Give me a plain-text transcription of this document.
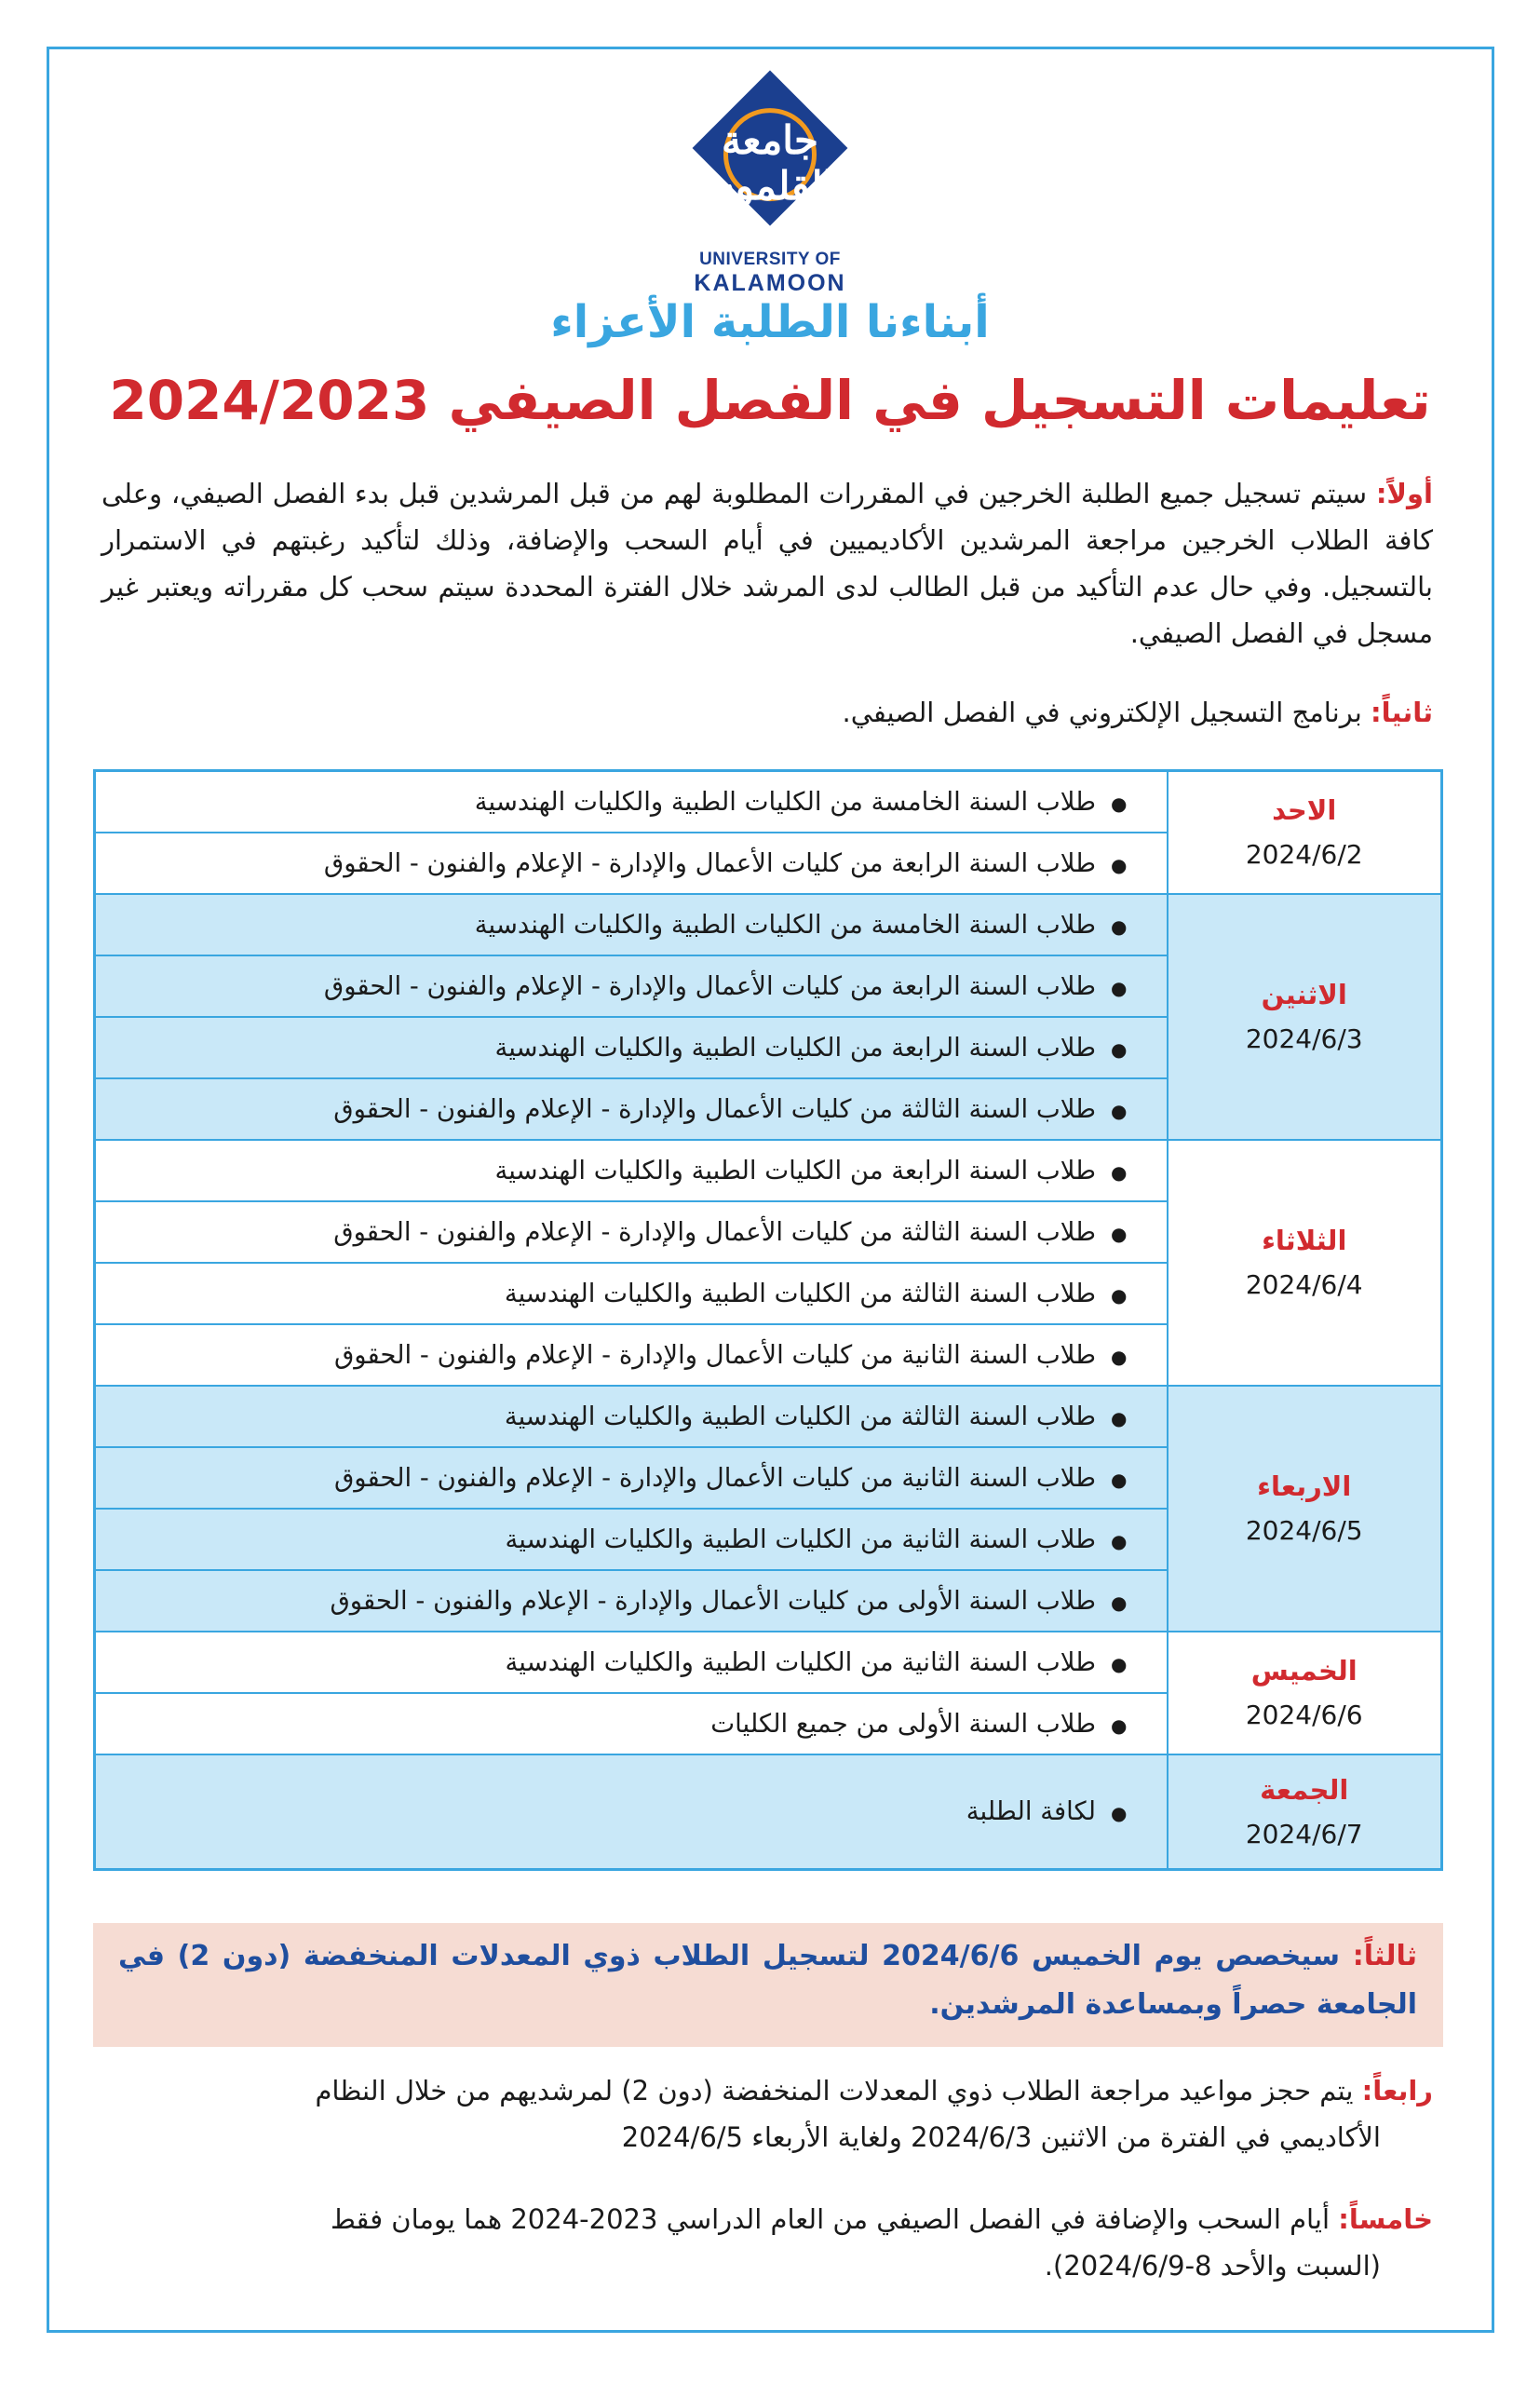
جامعة القلمون
UNIVERSITY OF
KALAMOON
أبناءنا الطلبة الأعزاء
تعليمات التسجيل في الفصل الصيفي 2024/2023
أولاً: سيتم تسجيل جميع الطلبة الخرجين في المقررات المطلوبة لهم من قبل المرشدين قبل بدء الفصل الصيفي، وعلى كافة الطلاب الخرجين مراجعة المرشدين الأكاديميين في أيام السحب والإضافة، وذلك لتأكيد رغبتهم في الاستمرار بالتسجيل. وفي حال عدم التأكيد من قبل الطالب لدى المرشد خلال الفترة المحددة سيتم سحب كل مقرراته ويعتبر غير مسجل في الفصل الصيفي.
ثانياً: برنامج التسجيل الإلكتروني في الفصل الصيفي.
الاحد
2024/6/2	●طلاب السنة الخامسة من الكليات الطبية والكليات الهندسية
	●طلاب السنة الرابعة من كليات الأعمال والإدارة - الإعلام والفنون - الحقوق

الاثنين
2024/6/3	●طلاب السنة الخامسة من الكليات الطبية والكليات الهندسية
	●طلاب السنة الرابعة من كليات الأعمال والإدارة - الإعلام والفنون - الحقوق
	●طلاب السنة الرابعة من الكليات الطبية والكليات الهندسية
	●طلاب السنة الثالثة من كليات الأعمال والإدارة - الإعلام والفنون - الحقوق

الثلاثاء
2024/6/4	●طلاب السنة الرابعة من الكليات الطبية والكليات الهندسية
	●طلاب السنة الثالثة من كليات الأعمال والإدارة - الإعلام والفنون - الحقوق
	●طلاب السنة الثالثة من الكليات الطبية والكليات الهندسية
	●طلاب السنة الثانية من كليات الأعمال والإدارة - الإعلام والفنون - الحقوق

الاربعاء
2024/6/5	●طلاب السنة الثالثة من الكليات الطبية والكليات الهندسية
	●طلاب السنة الثانية من كليات الأعمال والإدارة - الإعلام والفنون - الحقوق
	●طلاب السنة الثانية من الكليات الطبية والكليات الهندسية
	●طلاب السنة الأولى من كليات الأعمال والإدارة - الإعلام والفنون - الحقوق

الخميس
2024/6/6	●طلاب السنة الثانية من الكليات الطبية والكليات الهندسية
	●طلاب السنة الأولى من جميع الكليات

الجمعة
2024/6/7	●لكافة الطلبة
ثالثاً: سيخصص يوم الخميس 2024/6/6 لتسجيل الطلاب ذوي المعدلات المنخفضة (دون 2) في الجامعة حصراً وبمساعدة المرشدين.
رابعاً: يتم حجز مواعيد مراجعة الطلاب ذوي المعدلات المنخفضة (دون 2) لمرشديهم من خلال النظام
الأكاديمي في الفترة من الاثنين 2024/6/3 ولغاية الأربعاء 2024/6/5
خامساً: أيام السحب والإضافة في الفصل الصيفي من العام الدراسي 2023-2024 هما يومان فقط
(السبت والأحد 8-2024/6/9).
